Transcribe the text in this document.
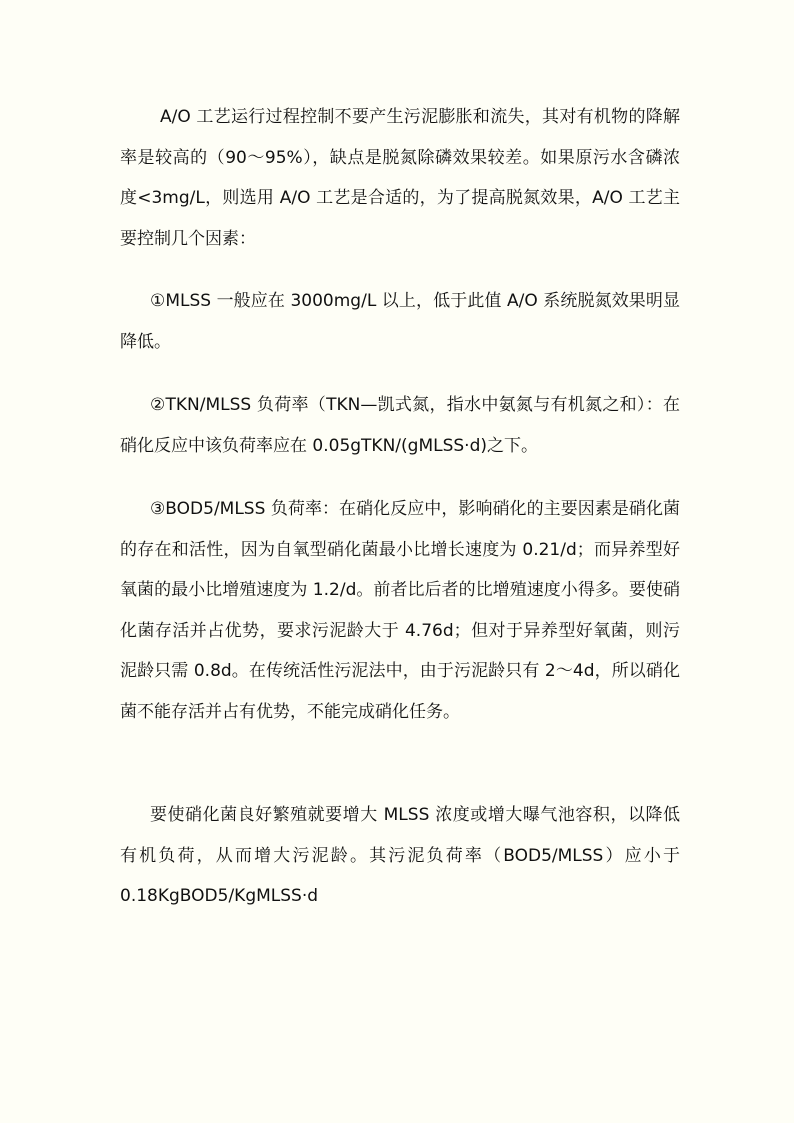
A/O 工艺运行过程控制不要产生污泥膨胀和流失，其对有机物的降解率是较高的（90～95%），缺点是脱氮除磷效果较差。如果原污水含磷浓度<3mg/L，则选用 A/O 工艺是合适的，为了提高脱氮效果，A/O 工艺主要控制几个因素：

①MLSS 一般应在 3000mg/L 以上，低于此值 A/O 系统脱氮效果明显降低。

②TKN/MLSS 负荷率（TKN—凯式氮，指水中氨氮与有机氮之和）：在硝化反应中该负荷率应在 0.05gTKN/(gMLSS·d)之下。

③BOD5/MLSS 负荷率：在硝化反应中，影响硝化的主要因素是硝化菌的存在和活性，因为自氧型硝化菌最小比增长速度为 0.21/d；而异养型好氧菌的最小比增殖速度为 1.2/d。前者比后者的比增殖速度小得多。要使硝化菌存活并占优势，要求污泥龄大于 4.76d；但对于异养型好氧菌，则污泥龄只需 0.8d。在传统活性污泥法中，由于污泥龄只有 2～4d，所以硝化菌不能存活并占有优势，不能完成硝化任务。

要使硝化菌良好繁殖就要增大 MLSS 浓度或增大曝气池容积，以降低有机负荷，从而增大污泥龄。其污泥负荷率（BOD5/MLSS）应小于 0.18KgBOD5/KgMLSS·d
